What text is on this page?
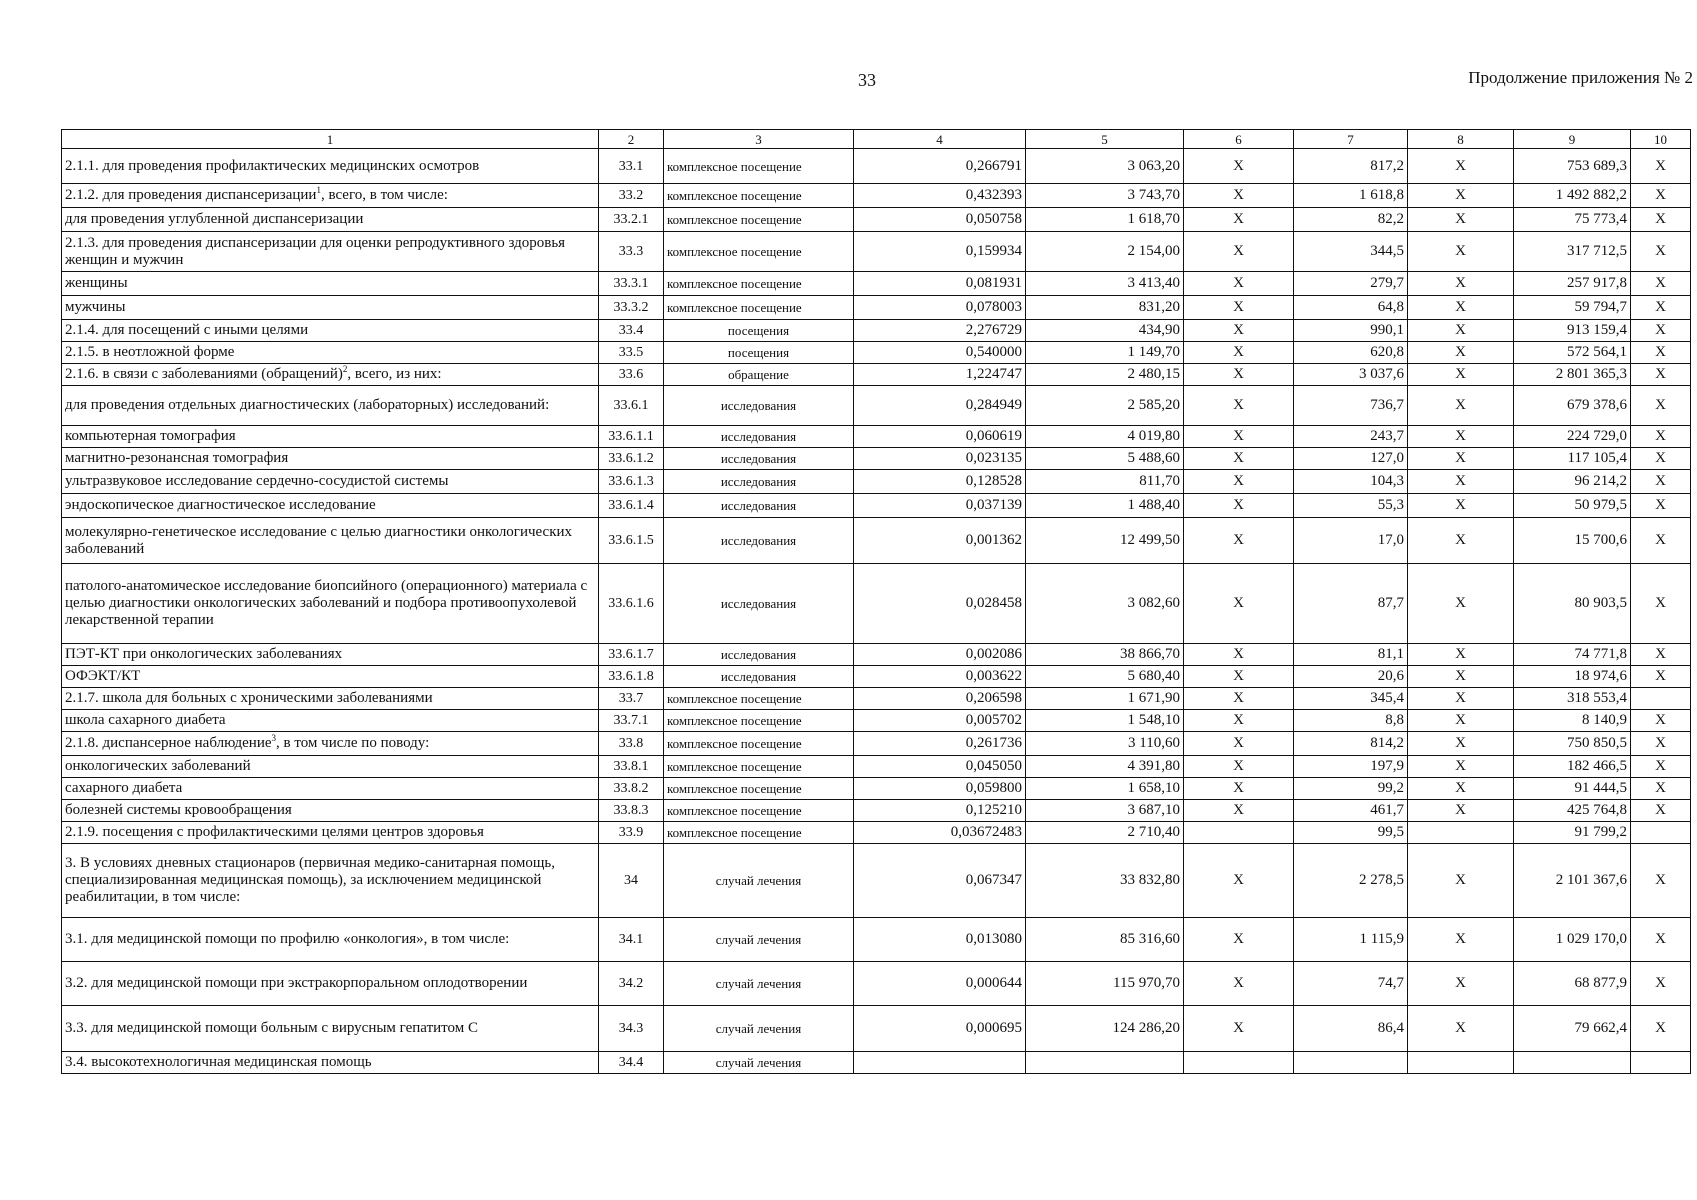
33	Продолжение приложения № 2
1	2	3	4	5	6	7	8	9	10
2.1.1. для проведения профилактических медицинских осмотров	33.1	комплексное посещение	0,266791	3 063,20	X	817,2	X	753 689,3	X
2.1.2. для проведения диспансеризации$^1$, всего, в том числе:	33.2	комплексное посещение	0,432393	3 743,70	X	1 618,8	X	1 492 882,2	X
для проведения углубленной диспансеризации	33.2.1	комплексное посещение	0,050758	1 618,70	X	82,2	X	75 773,4	X
2.1.3. для проведения диспансеризации для оценки репродуктивного здоровья женщин и мужчин	33.3	комплексное посещение	0,159934	2 154,00	X	344,5	X	317 712,5	X
женщины	33.3.1	комплексное посещение	0,081931	3 413,40	X	279,7	X	257 917,8	X
мужчины	33.3.2	комплексное посещение	0,078003	831,20	X	64,8	X	59 794,7	X
2.1.4. для посещений с иными целями	33.4	посещения	2,276729	434,90	X	990,1	X	913 159,4	X
2.1.5. в неотложной форме	33.5	посещения	0,540000	1 149,70	X	620,8	X	572 564,1	X
2.1.6. в связи с заболеваниями (обращений)$^2$, всего, из них:	33.6	обращение	1,224747	2 480,15	X	3 037,6	X	2 801 365,3	X
для проведения отдельных диагностических (лабораторных) исследований:	33.6.1	исследования	0,284949	2 585,20	X	736,7	X	679 378,6	X
компьютерная томография	33.6.1.1	исследования	0,060619	4 019,80	X	243,7	X	224 729,0	X
магнитно-резонансная томография	33.6.1.2	исследования	0,023135	5 488,60	X	127,0	X	117 105,4	X
ультразвуковое исследование сердечно-сосудистой системы	33.6.1.3	исследования	0,128528	811,70	X	104,3	X	96 214,2	X
эндоскопическое диагностическое исследование	33.6.1.4	исследования	0,037139	1 488,40	X	55,3	X	50 979,5	X
молекулярно-генетическое исследование с целью диагностики онкологических заболеваний	33.6.1.5	исследования	0,001362	12 499,50	X	17,0	X	15 700,6	X
патолого-анатомическое исследование биопсийного (операционного) материала с целью диагностики онкологических заболеваний и подбора противоопухолевой лекарственной терапии	33.6.1.6	исследования	0,028458	3 082,60	X	87,7	X	80 903,5	X
ПЭТ-КТ при онкологических заболеваниях	33.6.1.7	исследования	0,002086	38 866,70	X	81,1	X	74 771,8	X
ОФЭКТ/КТ	33.6.1.8	исследования	0,003622	5 680,40	X	20,6	X	18 974,6	X
2.1.7. школа для больных с хроническими заболеваниями	33.7	комплексное посещение	0,206598	1 671,90	X	345,4	X	318 553,4	
школа сахарного диабета	33.7.1	комплексное посещение	0,005702	1 548,10	X	8,8	X	8 140,9	X
2.1.8. диспансерное наблюдение$^3$, в том числе по поводу:	33.8	комплексное посещение	0,261736	3 110,60	X	814,2	X	750 850,5	X
онкологических заболеваний	33.8.1	комплексное посещение	0,045050	4 391,80	X	197,9	X	182 466,5	X
сахарного диабета	33.8.2	комплексное посещение	0,059800	1 658,10	X	99,2	X	91 444,5	X
болезней системы кровообращения	33.8.3	комплексное посещение	0,125210	3 687,10	X	461,7	X	425 764,8	X
2.1.9. посещения с профилактическими целями центров здоровья	33.9	комплексное посещение	0,03672483	2 710,40		99,5		91 799,2	
3. В условиях дневных стационаров (первичная медико-санитарная помощь, специализированная медицинская помощь), за исключением медицинской реабилитации, в том числе:	34	случай лечения	0,067347	33 832,80	X	2 278,5	X	2 101 367,6	X
3.1. для медицинской помощи по профилю «онкология», в том числе:	34.1	случай лечения	0,013080	85 316,60	X	1 115,9	X	1 029 170,0	X
3.2. для медицинской помощи при экстракорпоральном оплодотворении	34.2	случай лечения	0,000644	115 970,70	X	74,7	X	68 877,9	X
3.3. для медицинской помощи больным с вирусным гепатитом С	34.3	случай лечения	0,000695	124 286,20	X	86,4	X	79 662,4	X
3.4. высокотехнологичная медицинская помощь	34.4	случай лечения							
